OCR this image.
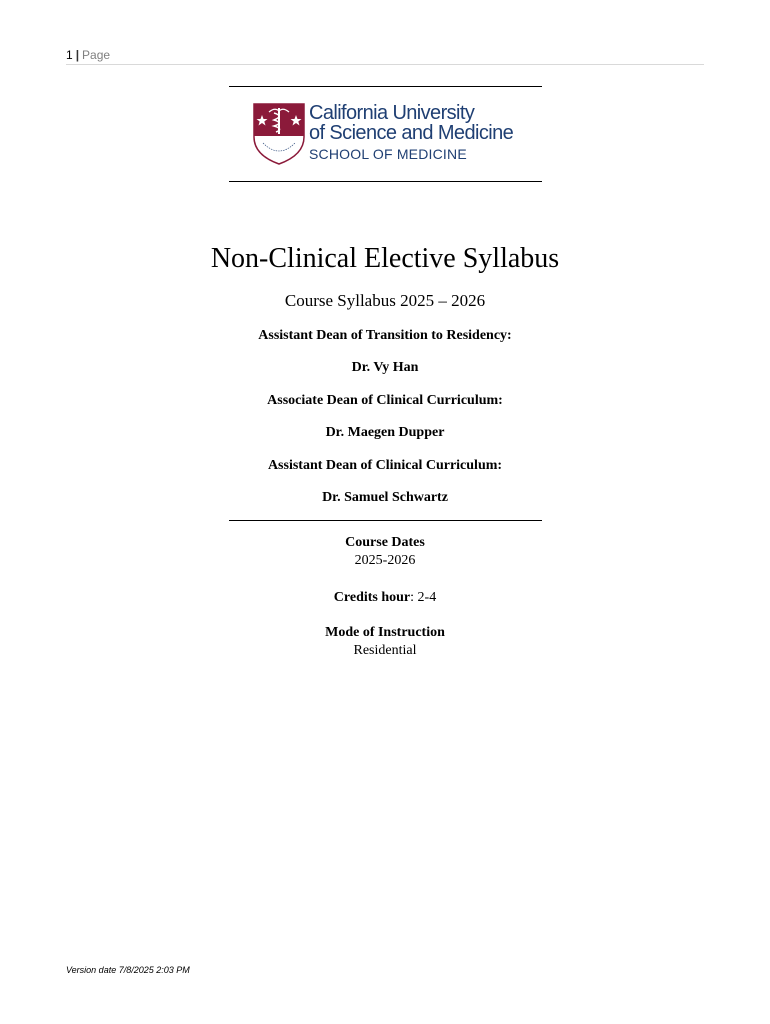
1 | Page
California University
of Science and Medicine
SCHOOL OF MEDICINE
Non-Clinical Elective Syllabus
Course Syllabus 2025 – 2026
Assistant Dean of Transition to Residency:
Dr. Vy Han
Associate Dean of Clinical Curriculum:
Dr. Maegen Dupper
Assistant Dean of Clinical Curriculum:
Dr. Samuel Schwartz
Course Dates
2025-2026
Credits hour: 2-4
Mode of Instruction
Residential
Version date 7/8/2025 2:03 PM
